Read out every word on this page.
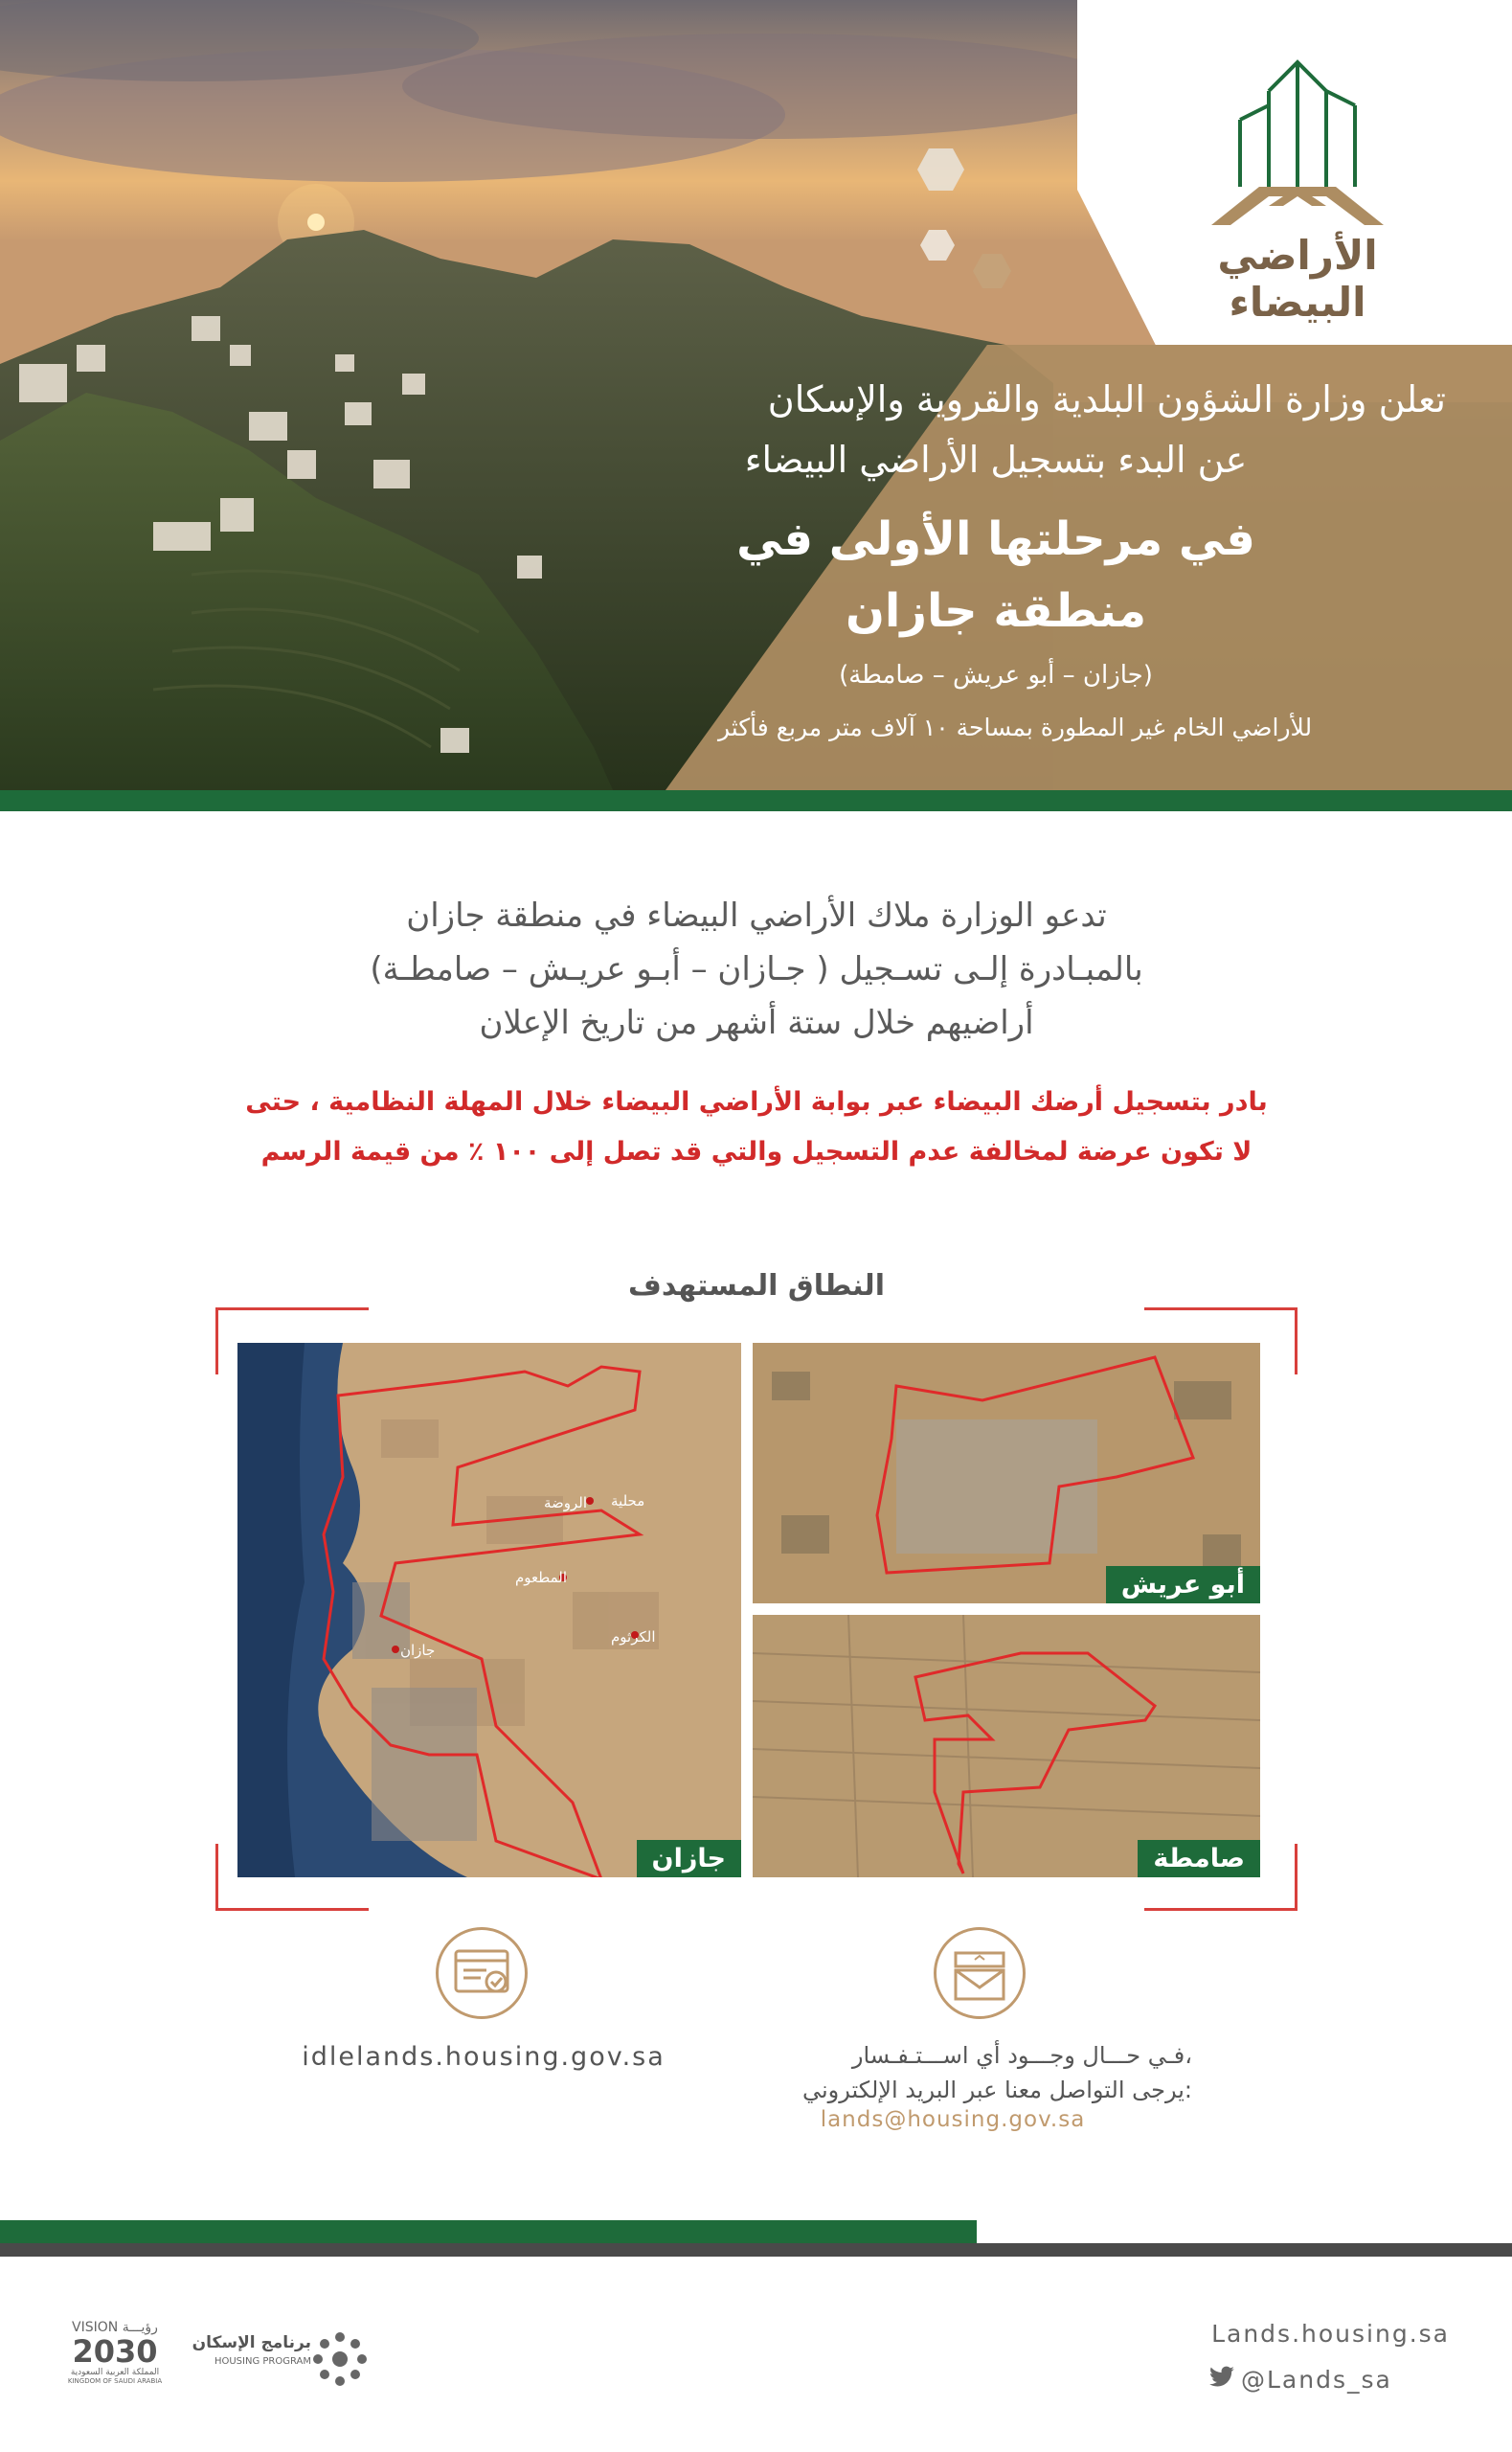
الأراضي البيضاء
تعلن وزارة الشؤون البلدية والقروية والإسكان
عن البدء بتسجيل الأراضي البيضاء
في مرحلتها الأولى في
منطقة جازان
(جازان – أبو عريش – صامطة)
للأراضي الخام غير المطورة بمساحة ١٠ آلاف متر مربع فأكثر

تدعو الوزارة ملاك الأراضي البيضاء في منطقة جازان

(جـازان – أبـو عريـش – صامطـة ) بالمبـادرة إلـى تسـجيل

أراضيهم خلال ستة أشهر من تاريخ الإعلان

بادر بتسجيل أرضك البيضاء عبر بوابة الأراضي البيضاء خلال المهلة النظامية ، حتى

لا تكون عرضة لمخالفة عدم التسجيل والتي قد تصل إلى ١٠٠ ٪ من قيمة الرسم

النطاق المستهدف
محلية
الروضة
المطعوم
جازان
الكرثوم
جازان
أبو عريش
صامطة
idlelands.housing.gov.sa	فـي حـــال وجـــود أي اســـتـفـسار،
يرجى التواصل معنا عبر البريد الإلكتروني:
lands@housing.gov.sa
VISION رؤيـــة
2030
المملكة العربية السعودية
KINGDOM OF SAUDI ARABIA
برنامج الإسكان
HOUSING PROGRAM
Lands.housing.sa
@Lands_sa
